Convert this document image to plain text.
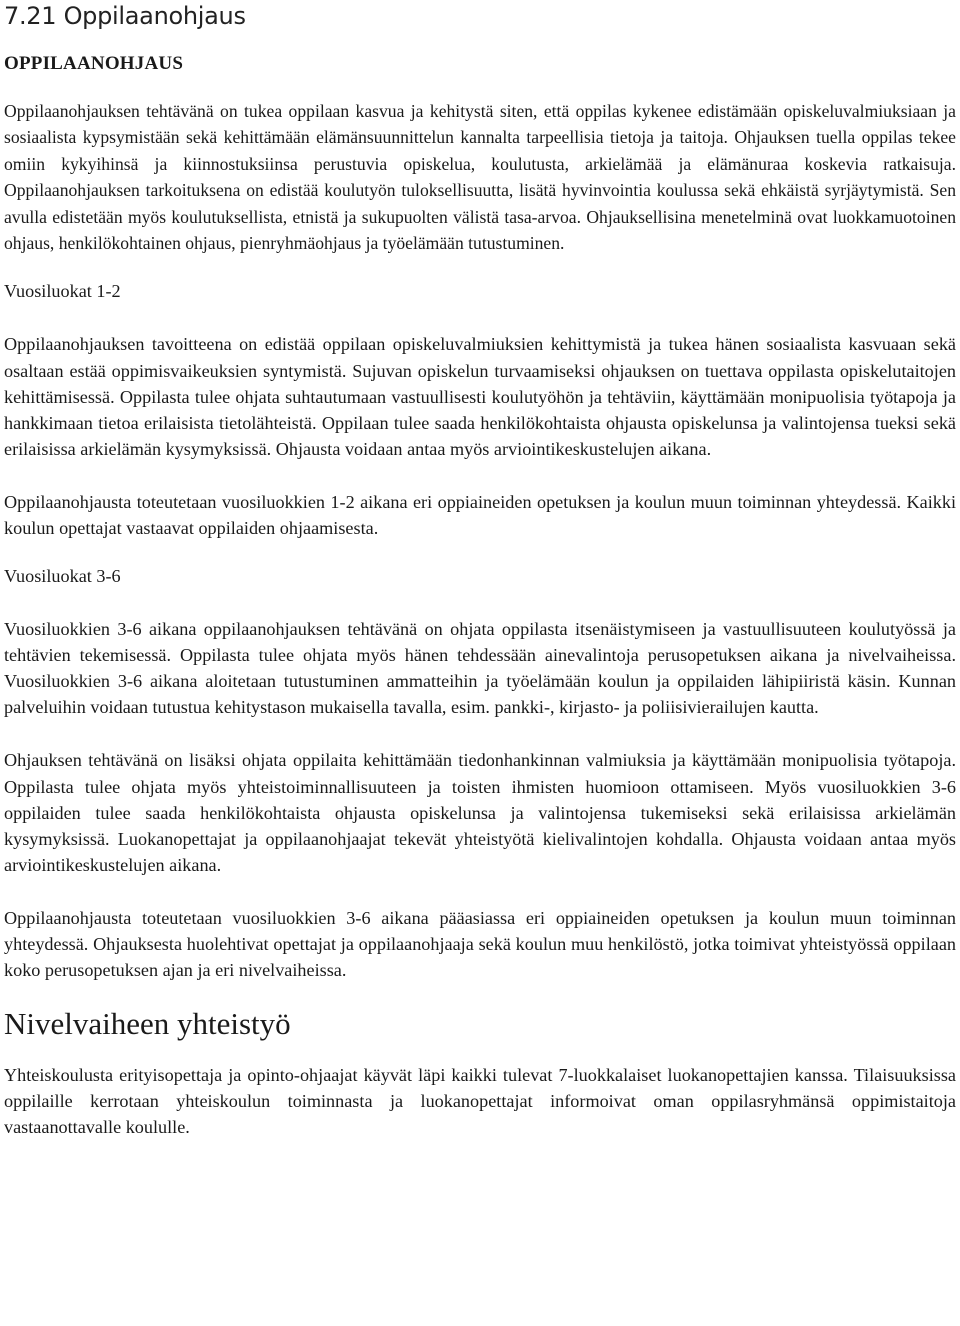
7.21 Oppilaanohjaus
OPPILAANOHJAUS

Oppilaanohjauksen tehtävänä on tukea oppilaan kasvua ja kehitystä siten, että oppilas kykenee edistämään opiskeluvalmiuksiaan ja sosiaalista kypsymistään sekä kehittämään elämänsuunnittelun kannalta tarpeellisia tietoja ja taitoja. Ohjauksen tuella oppilas tekee omiin kykyihinsä ja kiinnostuksiinsa perustuvia opiskelua, koulutusta, arkielämää ja elämänuraa koskevia ratkaisuja. Oppilaanohjauksen tarkoituksena on edistää koulutyön tuloksellisuutta, lisätä hyvinvointia koulussa sekä ehkäistä syrjäytymistä. Sen avulla edistetään myös koulutuksellista, etnistä ja sukupuolten välistä tasa-arvoa. Ohjauksellisina menetelminä ovat luokkamuotoinen ohjaus, henkilökohtainen ohjaus, pienryhmäohjaus ja työelämään tutustuminen.

Vuosiluokat 1-2

Oppilaanohjauksen tavoitteena on edistää oppilaan opiskeluvalmiuksien kehittymistä ja tukea hänen sosiaalista kasvuaan sekä osaltaan estää oppimisvaikeuksien syntymistä. Sujuvan opiskelun turvaamiseksi ohjauksen on tuettava oppilasta opiskelutaitojen kehittämisessä. Oppilasta tulee ohjata suhtautumaan vastuullisesti koulutyöhön ja tehtäviin, käyttämään monipuolisia työtapoja ja hankkimaan tietoa erilaisista tietolähteistä. Oppilaan tulee saada henkilökohtaista ohjausta opiskelunsa ja valintojensa tueksi sekä erilaisissa arkielämän kysymyksissä. Ohjausta voidaan antaa myös arviointikeskustelujen aikana.

Oppilaanohjausta toteutetaan vuosiluokkien 1-2 aikana eri oppiaineiden opetuksen ja koulun muun toiminnan yhteydessä. Kaikki koulun opettajat vastaavat oppilaiden ohjaamisesta.

Vuosiluokat 3-6

Vuosiluokkien 3-6 aikana oppilaanohjauksen tehtävänä on ohjata oppilasta itsenäistymiseen ja vastuullisuuteen koulutyössä ja tehtävien tekemisessä. Oppilasta tulee ohjata myös hänen tehdessään ainevalintoja perusopetuksen aikana ja nivelvaiheissa. Vuosiluokkien 3-6 aikana aloitetaan tutustuminen ammatteihin ja työelämään koulun ja oppilaiden lähipiiristä käsin. Kunnan palveluihin voidaan tutustua kehitystason mukaisella tavalla, esim. pankki-, kirjasto- ja poliisivierailujen kautta.

Ohjauksen tehtävänä on lisäksi ohjata oppilaita kehittämään tiedonhankinnan valmiuksia ja käyttämään monipuolisia työtapoja. Oppilasta tulee ohjata myös yhteistoiminnallisuuteen ja toisten ihmisten huomioon ottamiseen. Myös vuosiluokkien 3-6 oppilaiden tulee saada henkilökohtaista ohjausta opiskelunsa ja valintojensa tukemiseksi sekä erilaisissa arkielämän kysymyksissä. Luokanopettajat ja oppilaanohjaajat tekevät yhteistyötä kielivalintojen kohdalla. Ohjausta voidaan antaa myös arviointikeskustelujen aikana.

Oppilaanohjausta toteutetaan vuosiluokkien 3-6 aikana pääasiassa eri oppiaineiden opetuksen ja koulun muun toiminnan yhteydessä. Ohjauksesta huolehtivat opettajat ja oppilaanohjaaja sekä koulun muu henkilöstö, jotka toimivat yhteistyössä oppilaan koko perusopetuksen ajan ja eri nivelvaiheissa.

Nivelvaiheen yhteistyö

Yhteiskoulusta erityisopettaja ja opinto-ohjaajat käyvät läpi kaikki tulevat 7-luokkalaiset luokanopettajien kanssa. Tilaisuuksissa oppilaille kerrotaan yhteiskoulun toiminnasta ja luokanopettajat informoivat oman oppilasryhmänsä oppimistaitoja vastaanottavalle koululle.
